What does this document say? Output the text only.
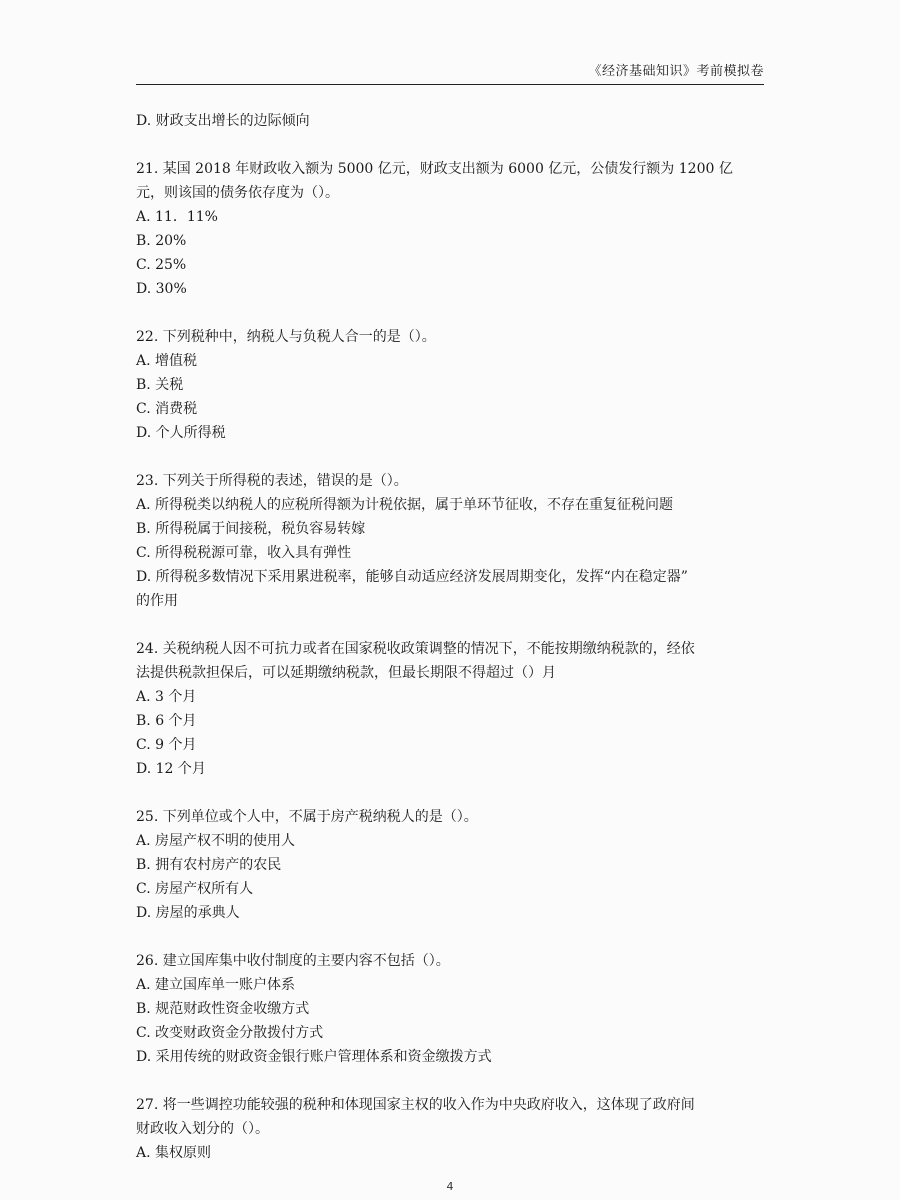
《经济基础知识》考前模拟卷
D. 财政支出增长的边际倾向
21. 某国 2018 年财政收入额为 5000 亿元，财政支出额为 6000 亿元，公债发行额为 1200 亿
元，则该国的债务依存度为（）。
A. 11．11%
B. 20%
C. 25%
D. 30%
22. 下列税种中，纳税人与负税人合一的是（）。
A. 增值税
B. 关税
C. 消费税
D. 个人所得税
23. 下列关于所得税的表述，错误的是（）。
A. 所得税类以纳税人的应税所得额为计税依据，属于单环节征收，不存在重复征税问题
B. 所得税属于间接税，税负容易转嫁
C. 所得税税源可靠，收入具有弹性
D. 所得税多数情况下采用累进税率，能够自动适应经济发展周期变化，发挥“内在稳定器”
的作用
24. 关税纳税人因不可抗力或者在国家税收政策调整的情况下，不能按期缴纳税款的，经依
法提供税款担保后，可以延期缴纳税款，但最长期限不得超过（）月
A. 3 个月
B. 6 个月
C. 9 个月
D. 12 个月
25. 下列单位或个人中，不属于房产税纳税人的是（）。
A. 房屋产权不明的使用人
B. 拥有农村房产的农民
C. 房屋产权所有人
D. 房屋的承典人
26. 建立国库集中收付制度的主要内容不包括（）。
A. 建立国库单一账户体系
B. 规范财政性资金收缴方式
C. 改变财政资金分散拨付方式
D. 采用传统的财政资金银行账户管理体系和资金缴拨方式
27. 将一些调控功能较强的税种和体现国家主权的收入作为中央政府收入，这体现了政府间
财政收入划分的（）。
A. 集权原则
4
